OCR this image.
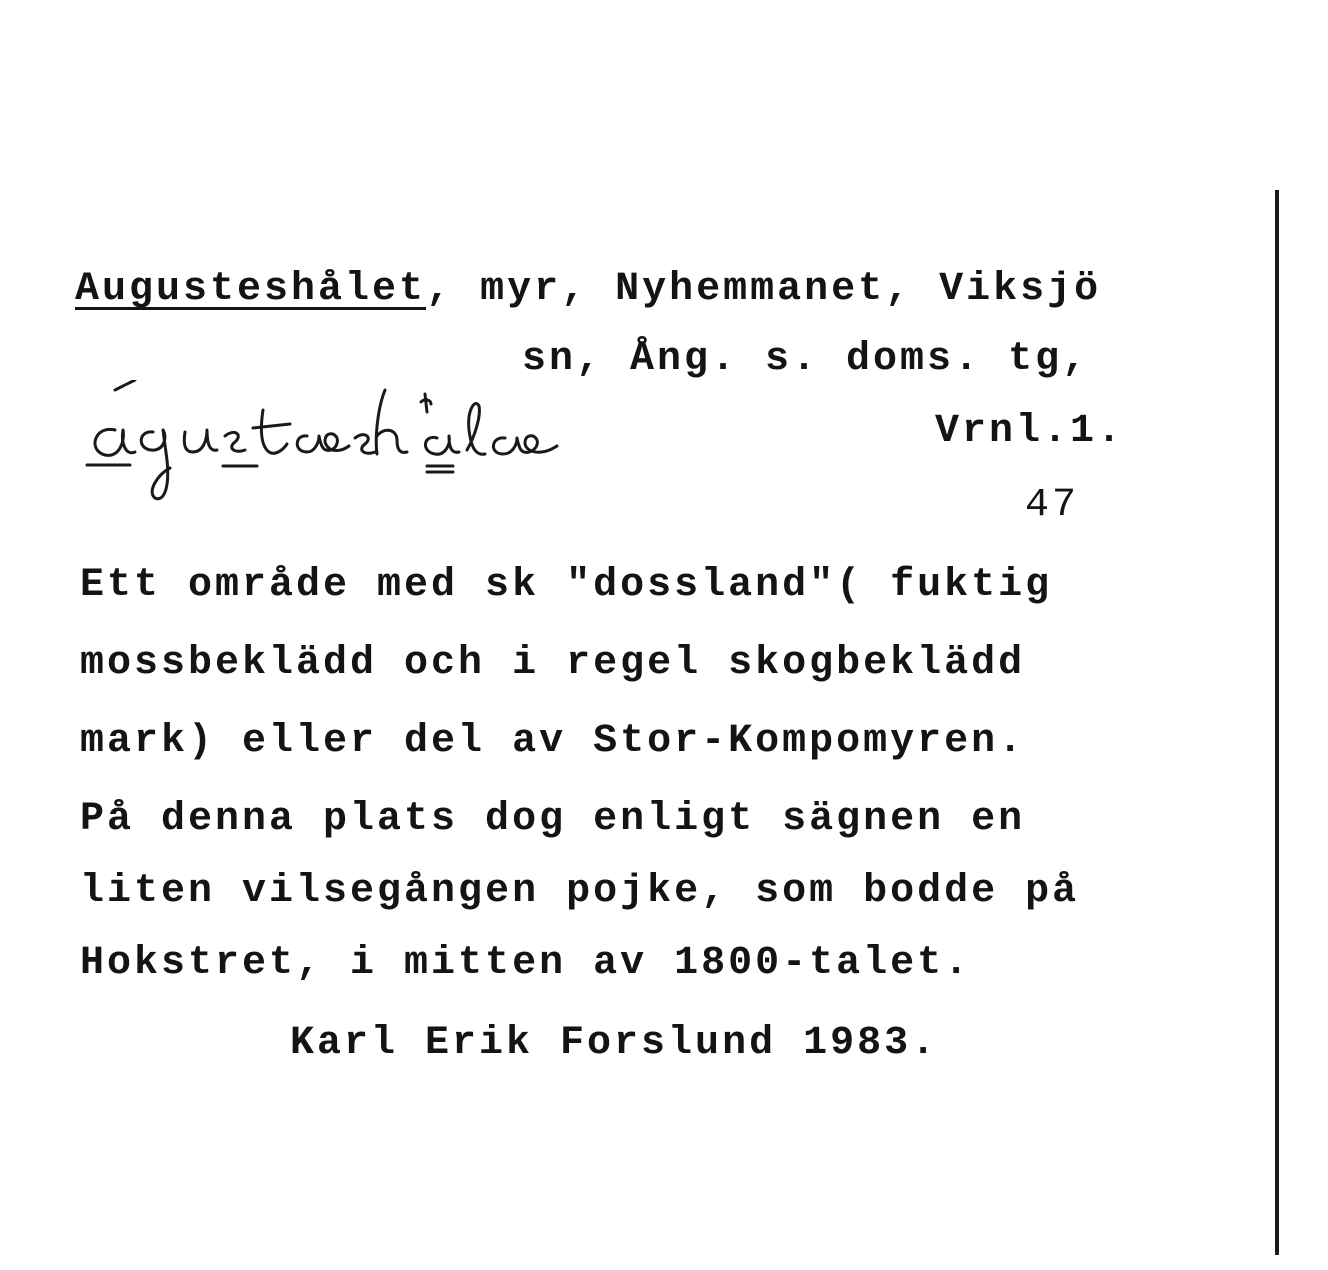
Augusteshålet, myr, Nyhemmanet, Viksjö
sn, Ång. s. doms. tg,
Vrnl.1.
47
ågustæshålæ
Ett område med sk "dossland"( fuktig
mossbeklädd och i regel skogbeklädd
mark) eller del av Stor-Kompomyren.
På denna plats dog enligt sägnen en
liten vilsegången pojke, som bodde på
Hokstret, i mitten av 1800-talet.
Karl Erik Forslund 1983.
